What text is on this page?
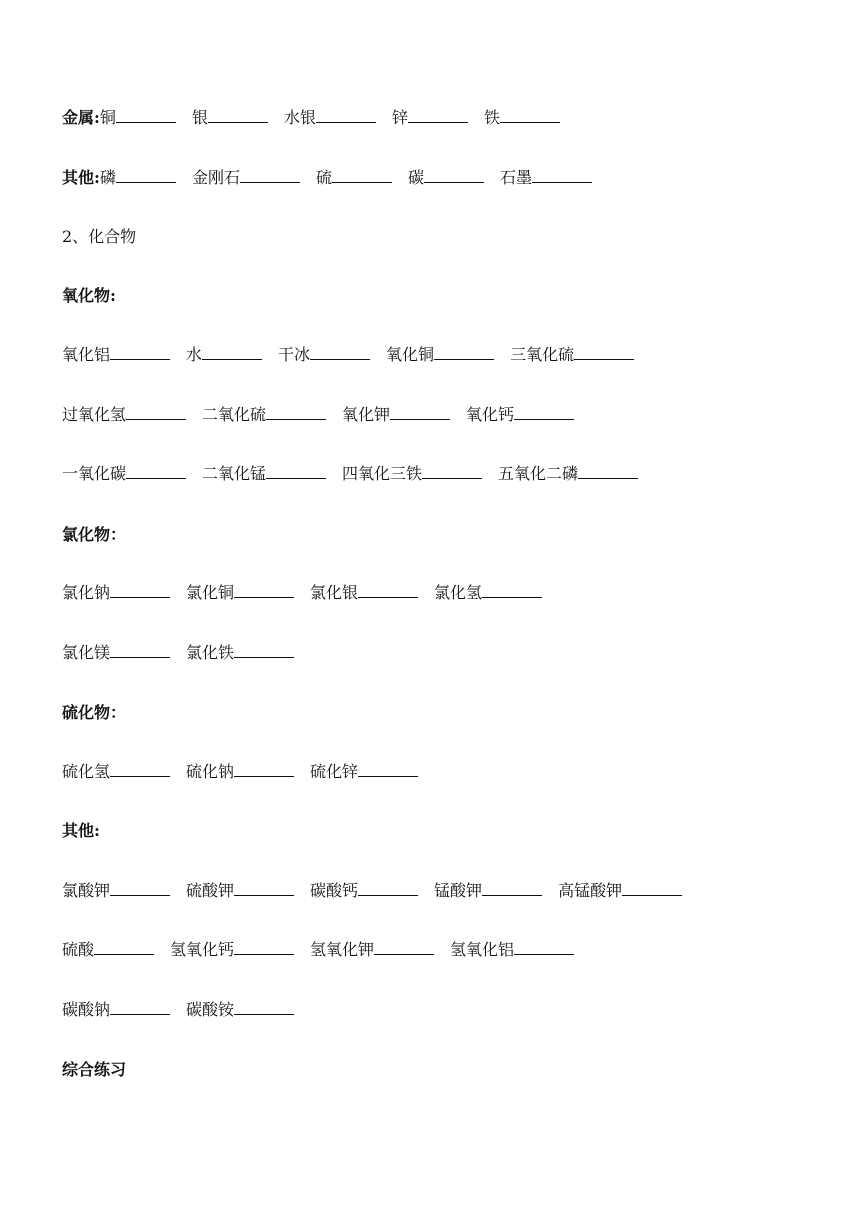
金属:铜	银	水银	锌	铁
其他:磷	金刚石	硫	碳	石墨
2、化合物
氧化物:
氧化铝	水	干冰	氧化铜	三氧化硫
过氧化氢	二氧化硫	氧化钾	氧化钙
一氧化碳	二氧化锰	四氧化三铁	五氧化二磷
氯化物：
氯化钠	氯化铜	氯化银	氯化氢
氯化镁	氯化铁
硫化物：
硫化氢	硫化钠	硫化锌
其他:
氯酸钾	硫酸钾	碳酸钙	锰酸钾	高锰酸钾
硫酸	氢氧化钙	氢氧化钾	氢氧化铝
碳酸钠	碳酸铵
综合练习
